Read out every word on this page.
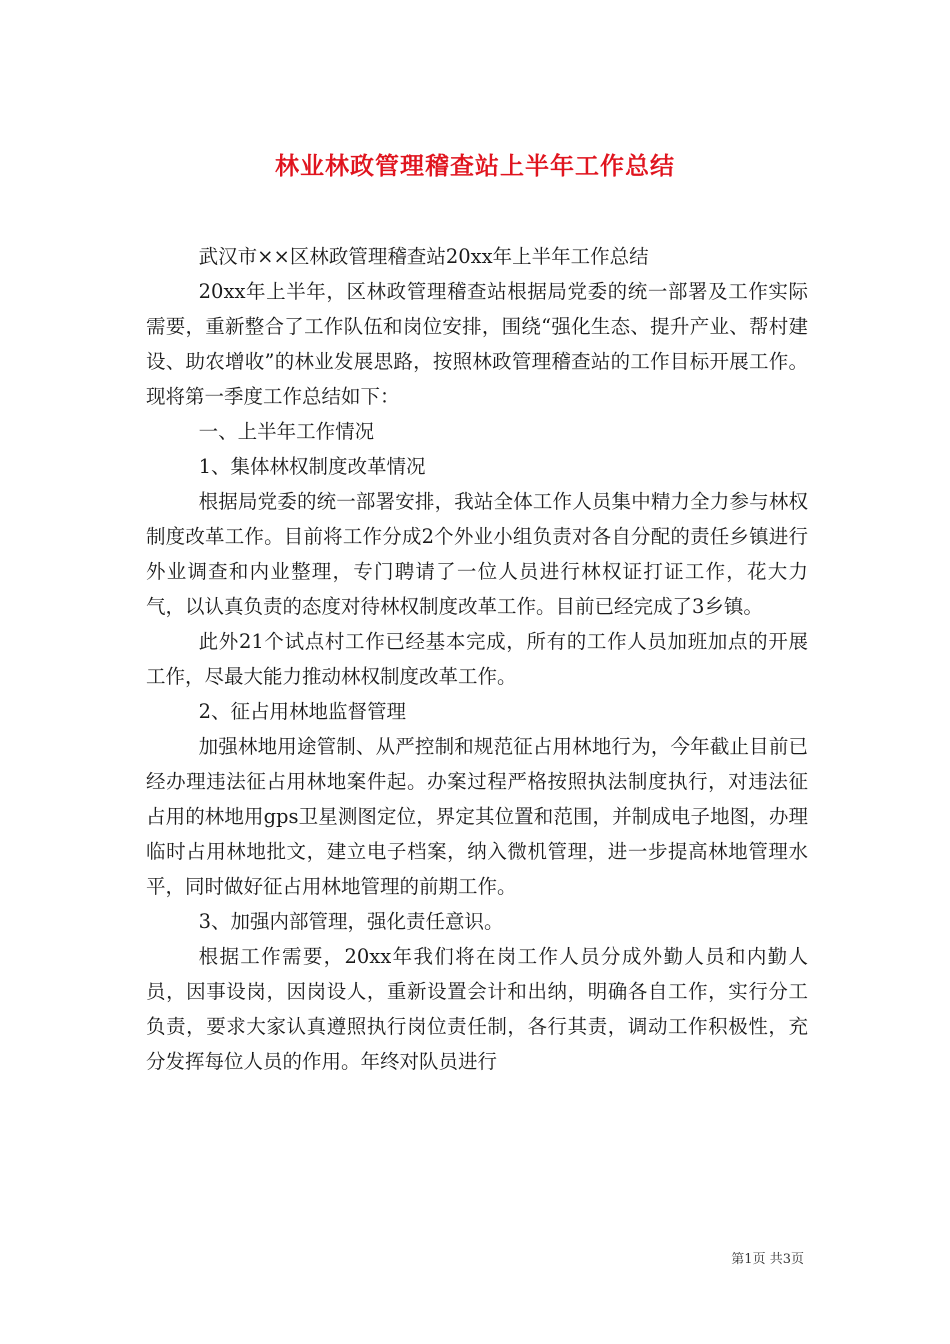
林业林政管理稽查站上半年工作总结

武汉市××区林政管理稽查站20xx年上半年工作总结

20xx年上半年，区林政管理稽查站根据局党委的统一部署及工作实际需要，重新整合了工作队伍和岗位安排，围绕“强化生态、提升产业、帮村建设、助农增收”的林业发展思路，按照林政管理稽查站的工作目标开展工作。现将第一季度工作总结如下：

一、上半年工作情况

1、集体林权制度改革情况

根据局党委的统一部署安排，我站全体工作人员集中精力全力参与林权制度改革工作。目前将工作分成2个外业小组负责对各自分配的责任乡镇进行外业调查和内业整理，专门聘请了一位人员进行林权证打证工作，花大力气，以认真负责的态度对待林权制度改革工作。目前已经完成了3乡镇。

此外21个试点村工作已经基本完成，所有的工作人员加班加点的开展工作，尽最大能力推动林权制度改革工作。

2、征占用林地监督管理

加强林地用途管制、从严控制和规范征占用林地行为，今年截止目前已经办理违法征占用林地案件起。办案过程严格按照执法制度执行，对违法征占用的林地用gps卫星测图定位，界定其位置和范围，并制成电子地图，办理临时占用林地批文，建立电子档案，纳入微机管理，进一步提高林地管理水平，同时做好征占用林地管理的前期工作。

3、加强内部管理，强化责任意识。

根据工作需要，20xx年我们将在岗工作人员分成外勤人员和内勤人员，因事设岗，因岗设人，重新设置会计和出纳，明确各自工作，实行分工负责，要求大家认真遵照执行岗位责任制，各行其责，调动工作积极性，充分发挥每位人员的作用。年终对队员进行

第1页 共3页
